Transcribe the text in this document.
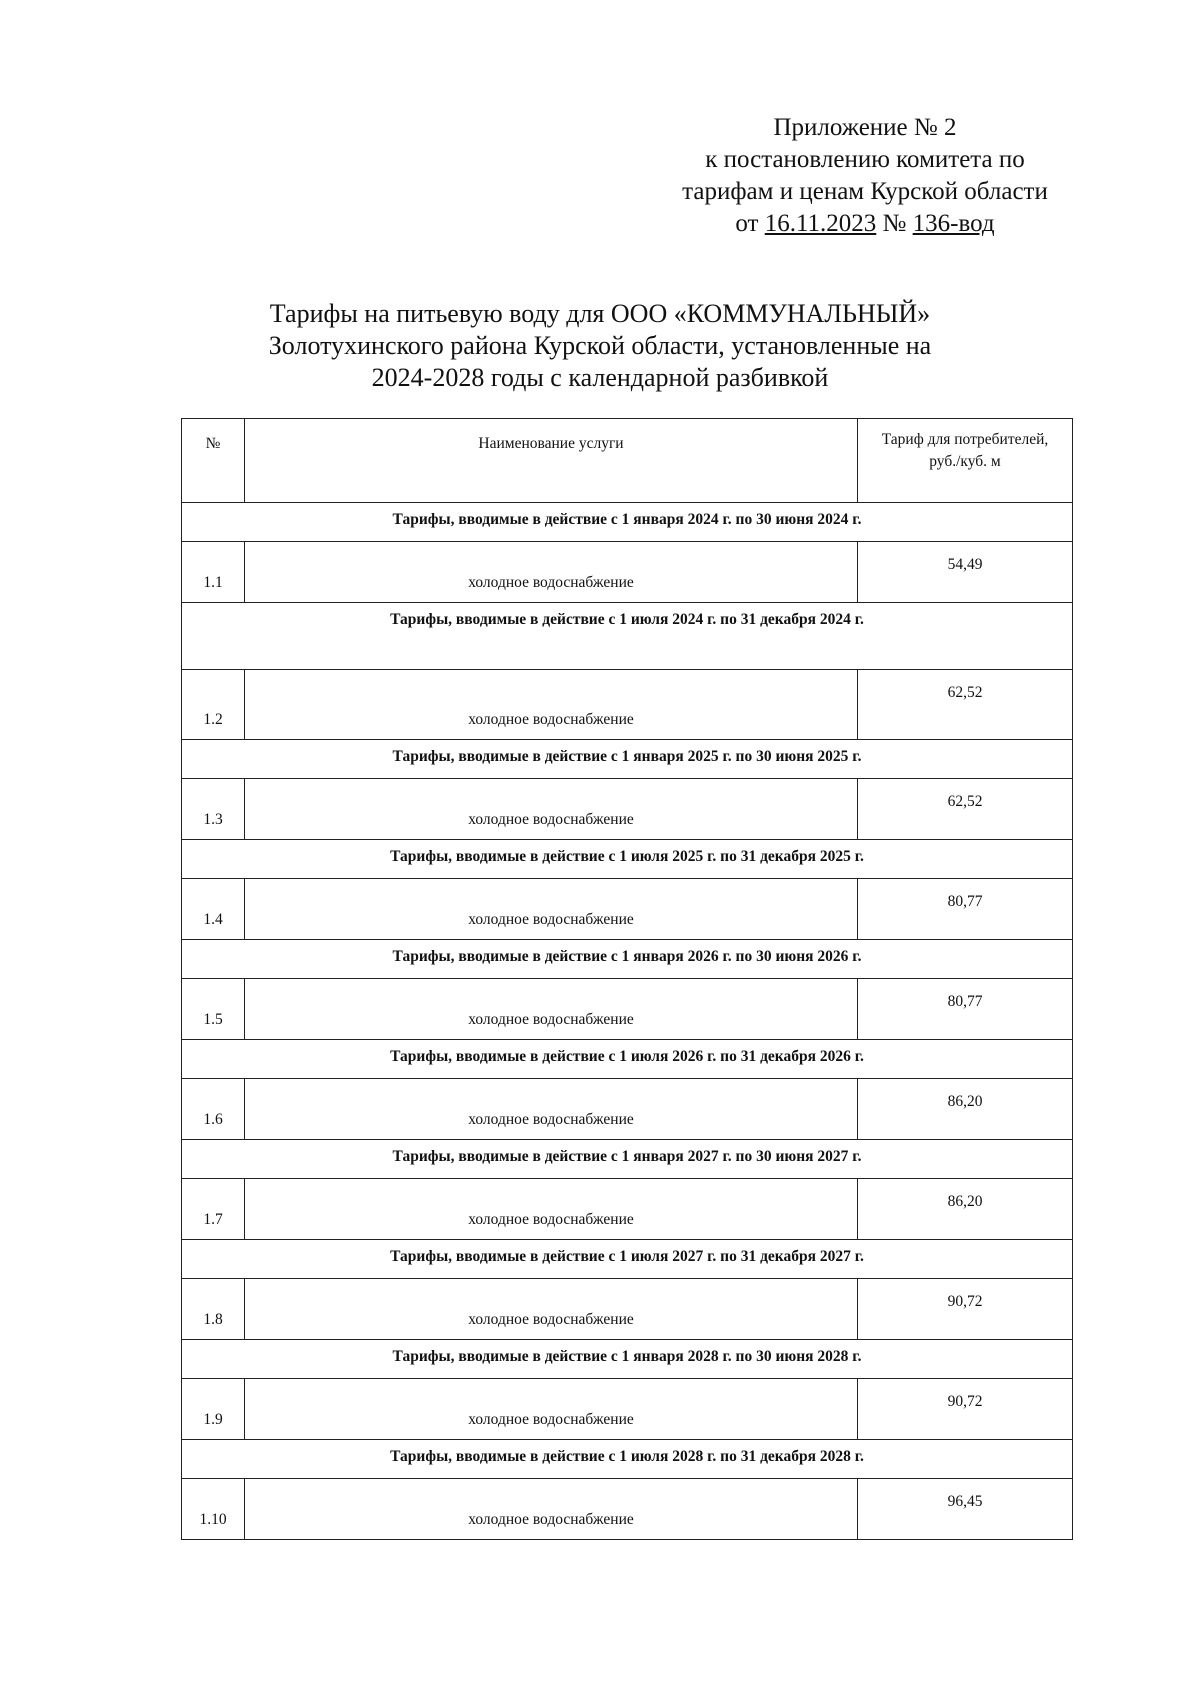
Приложение № 2
к постановлению комитета по
тарифам и ценам Курской области
от 16.11.2023 № 136-вод
Тарифы на питьевую воду для ООО «КОММУНАЛЬНЫЙ»
Золотухинского района Курской области, установленные на
2024-2028 годы с календарной разбивкой
№	Наименование услуги	Тариф для потребителей,
руб./куб. м

Тарифы, вводимые в действие с 1 января 2024 г. по 30 июня 2024 г.		
1.1	холодное водоснабжение	54,49
Тарифы, вводимые в действие с 1 июля 2024 г. по 31 декабря 2024 г.		
1.2	холодное водоснабжение	62,52
Тарифы, вводимые в действие с 1 января 2025 г. по 30 июня 2025 г.		
1.3	холодное водоснабжение	62,52
Тарифы, вводимые в действие с 1 июля 2025 г. по 31 декабря 2025 г.		
1.4	холодное водоснабжение	80,77
Тарифы, вводимые в действие с 1 января 2026 г. по 30 июня 2026 г.		
1.5	холодное водоснабжение	80,77
Тарифы, вводимые в действие с 1 июля 2026 г. по 31 декабря 2026 г.		
1.6	холодное водоснабжение	86,20
Тарифы, вводимые в действие с 1 января 2027 г. по 30 июня 2027 г.		
1.7	холодное водоснабжение	86,20
Тарифы, вводимые в действие с 1 июля 2027 г. по 31 декабря 2027 г.		
1.8	холодное водоснабжение	90,72
Тарифы, вводимые в действие с 1 января 2028 г. по 30 июня 2028 г.		
1.9	холодное водоснабжение	90,72
Тарифы, вводимые в действие с 1 июля 2028 г. по 31 декабря 2028 г.		
1.10	холодное водоснабжение	96,45
